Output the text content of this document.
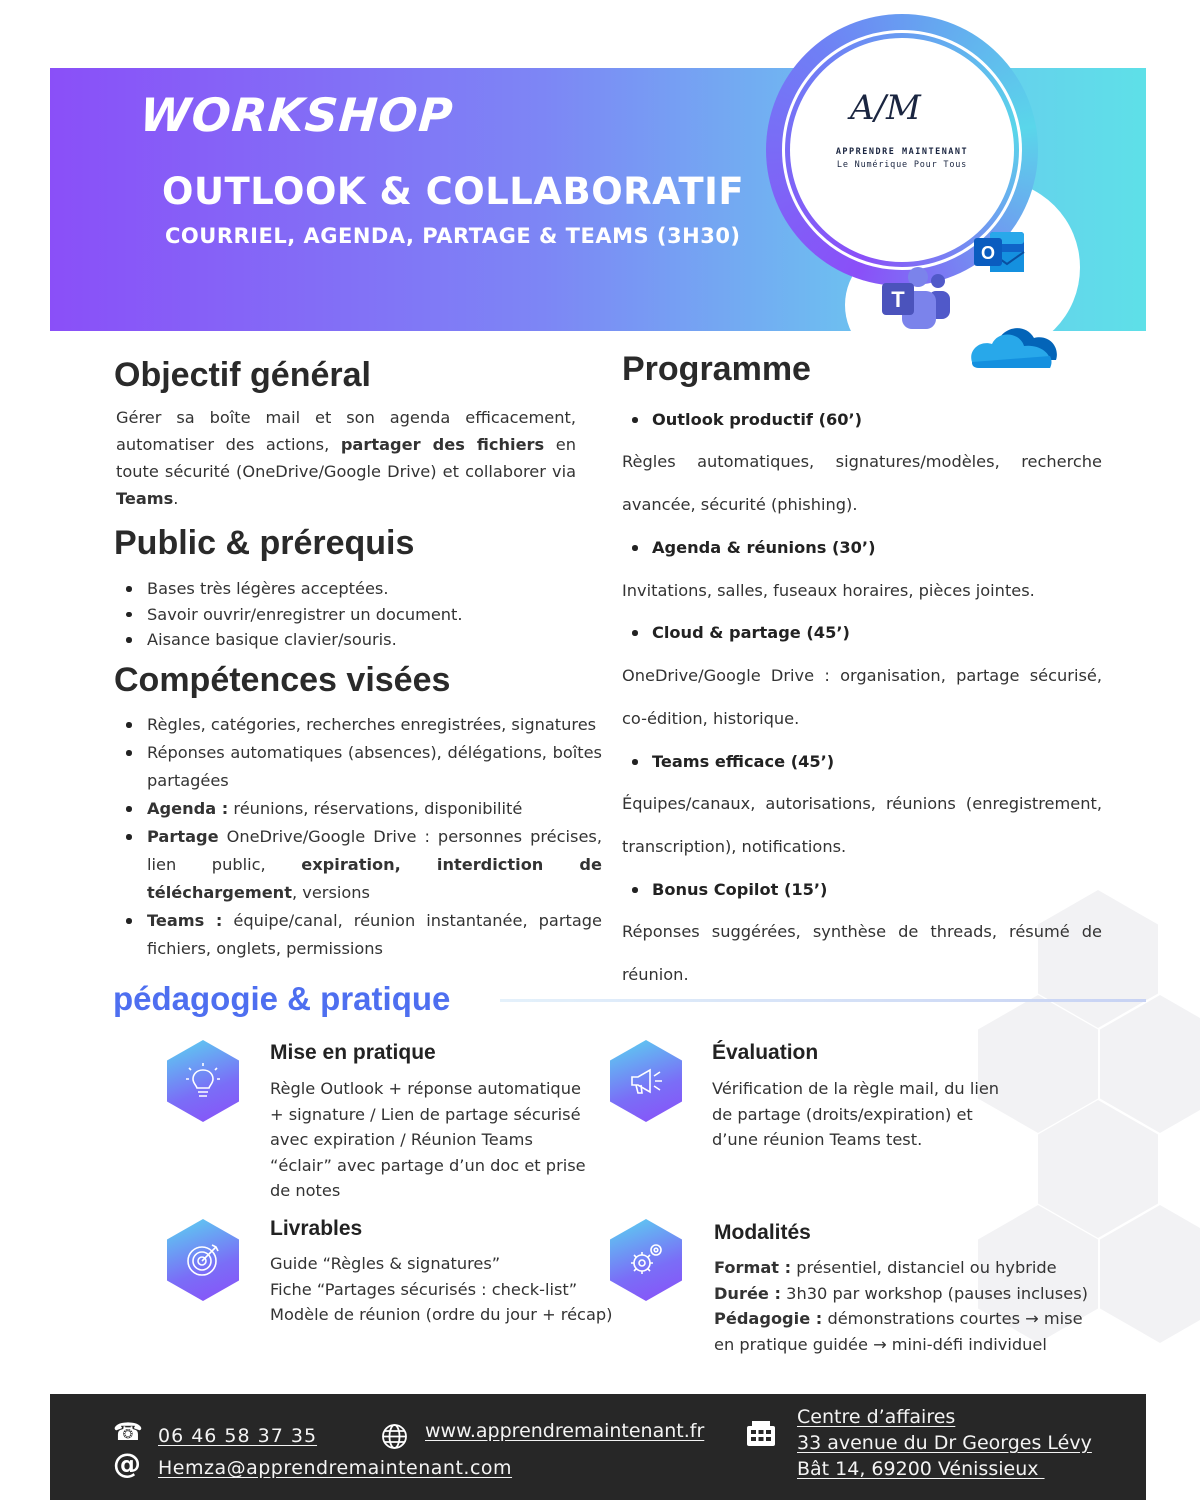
WORKSHOP
OUTLOOK & COLLABORATIF
COURRIEL, AGENDA, PARTAGE & TEAMS (3H30)
A/M
APPRENDRE MAINTENANT
Le Numérique Pour Tous
O
T
Objectif général
Gérer sa boîte mail et son agenda efficacement, automatiser des actions, partager des fichiers en toute sécurité (OneDrive/Google Drive) et collaborer via Teams.
Public & prérequis
Bases très légères acceptées.
Savoir ouvrir/enregistrer un document.
Aisance basique clavier/souris.
Compétences visées
Règles, catégories, recherches enregistrées, signatures
Réponses automatiques (absences), délégations, boîtes partagées
Agenda : réunions, réservations, disponibilité
Partage OneDrive/Google Drive : personnes précises, lien public, expiration, interdiction de téléchargement, versions
Teams : équipe/canal, réunion instantanée, partage fichiers, onglets, permissions
Programme
Outlook productif (60’)
Règles automatiques, signatures/modèles, recherche avancée, sécurité (phishing).
Agenda & réunions (30’)
Invitations, salles, fuseaux horaires, pièces jointes.
Cloud & partage (45’)
OneDrive/Google Drive : organisation, partage sécurisé, co-édition, historique.
Teams efficace (45’)
Équipes/canaux, autorisations, réunions (enregistrement, transcription), notifications.
Bonus Copilot (15’)
Réponses suggérées, synthèse de threads, résumé de réunion.
pédagogie & pratique
Mise en pratique
Règle Outlook + réponse automatique + signature / Lien de partage sécurisé avec expiration / Réunion Teams “éclair” avec partage d’un doc et prise de notes
Évaluation
Vérification de la règle mail, du lien de partage (droits/expiration) et d’une réunion Teams test.
Livrables
Guide “Règles & signatures”
Fiche “Partages sécurisés : check-list”
Modèle de réunion (ordre du jour + récap)
Modalités
Format : présentiel, distanciel ou hybride
Durée : 3h30 par workshop (pauses incluses)
Pédagogie : démonstrations courtes → mise en pratique guidée → mini-défi individuel
☎ 06 46 58 37 35
@ Hemza@apprendremaintenant.com
www.apprendremaintenant.fr
Centre d’affaires
33 avenue du Dr Georges Lévy
Bât 14, 69200 Vénissieux
